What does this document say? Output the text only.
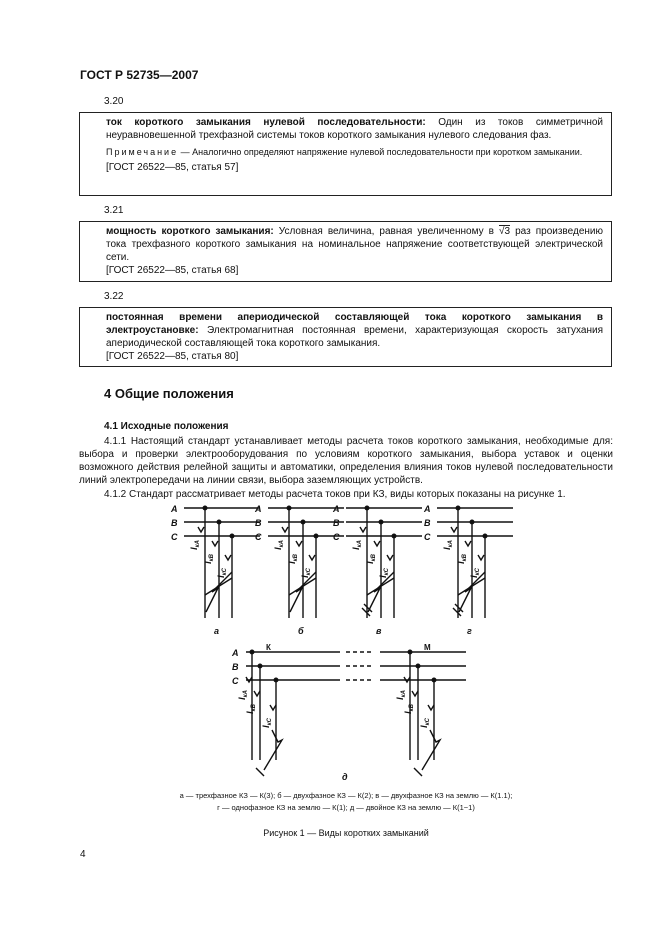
ГОСТ Р 52735—2007
3.20

ток короткого замыкания нулевой последовательности: Один из токов симметричной неуравновешенной трехфазной системы токов короткого замыкания нулевого следования фаз.

Примечание — Аналогично определяют напряжение нулевой последовательности при коротком замыкании.

[ГОСТ 26522—85, статья 57]

3.21

мощность короткого замыкания: Условная величина, равная увеличенному в √3 раз произведению тока трехфазного короткого замыкания на номинальное напряжение соответствующей электрической сети.

[ГОСТ 26522—85, статья 68]

3.22

постоянная времени апериодической составляющей тока короткого замыкания в электроустановке: Электромагнитная постоянная времени, характеризующая скорость затухания апериодической составляющей тока короткого замыкания.

[ГОСТ 26522—85, статья 80]

4 Общие положения
4.1 Исходные положения
4.1.1 Настоящий стандарт устанавливает методы расчета токов короткого замыкания, необходимые для: выбора и проверки электрооборудования по условиям короткого замыкания, выбора уставок и оценки возможного действия релейной защиты и автоматики, определения влияния токов нулевой последовательности линий электропередачи на линии связи, выбора заземляющих устройств.
4.1.2 Стандарт рассматривает методы расчета токов при КЗ, виды которых показаны на рисунке 1.
A
B
C
$I_{кA}$
$I_{кB}$
$I_{кC}$
а
A
B
C
$I_{кA}$
$I_{кB}$
$I_{кC}$
б
A
B
C
$I_{кA}$
$I_{кB}$
$I_{кC}$
в
A
B
C
$I_{кA}$
$I_{кB}$
$I_{кC}$
г
A
B
C
К	М
$I_{кA}$
$I_{кB}$
$I_{кC}$
$I_{кA}$
$I_{кB}$
$I_{кC}$
д
а — трехфазное КЗ — К(3); б — двухфазное КЗ — К(2); в — двухфазное КЗ на землю — К(1.1);
г — однофазное КЗ на землю — К(1); д — двойное КЗ на землю — К(1−1)
Рисунок 1 — Виды коротких замыканий
4
